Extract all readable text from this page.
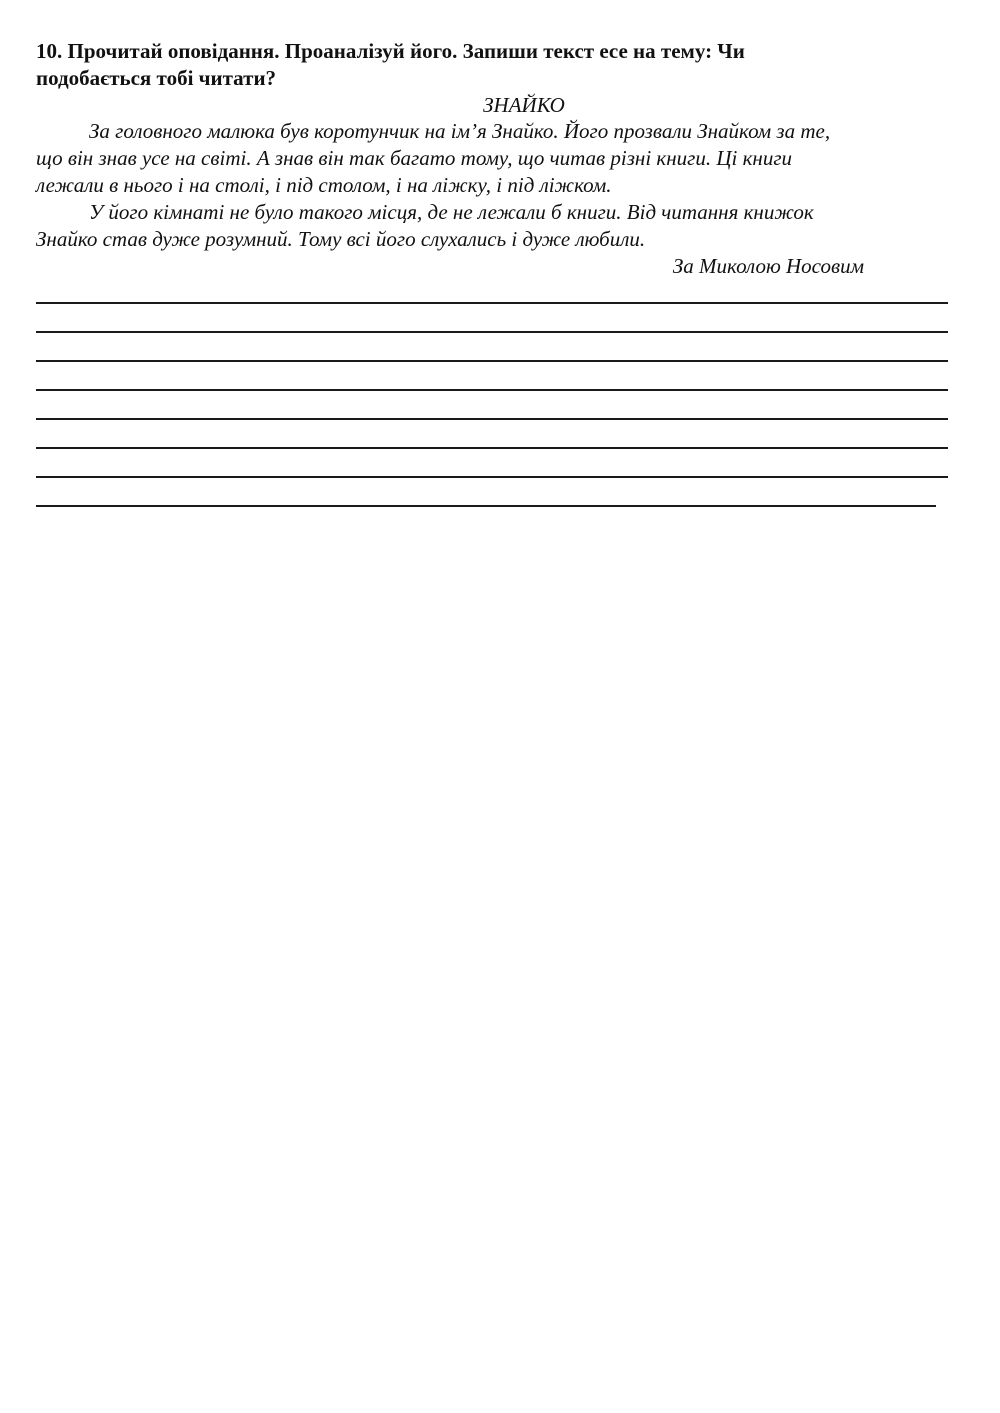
10. Прочитай оповідання. Проаналізуй його. Запиши текст есе на тему: Чи
подобається тобі читати?
ЗНАЙКО

За головного малюка був коротунчик на ім’я Знайко. Його прозвали Знайком за те,
що він знав усе на світі. А знав він так багато тому, що читав різні книги. Ці книги
лежали в нього і на столі, і під столом, і на ліжку, і під ліжком.

У його кімнаті не було такого місця, де не лежали б книги. Від читання книжок
Знайко став дуже розумний. Тому всі його слухались і дуже любили.

За Миколою Носовим
